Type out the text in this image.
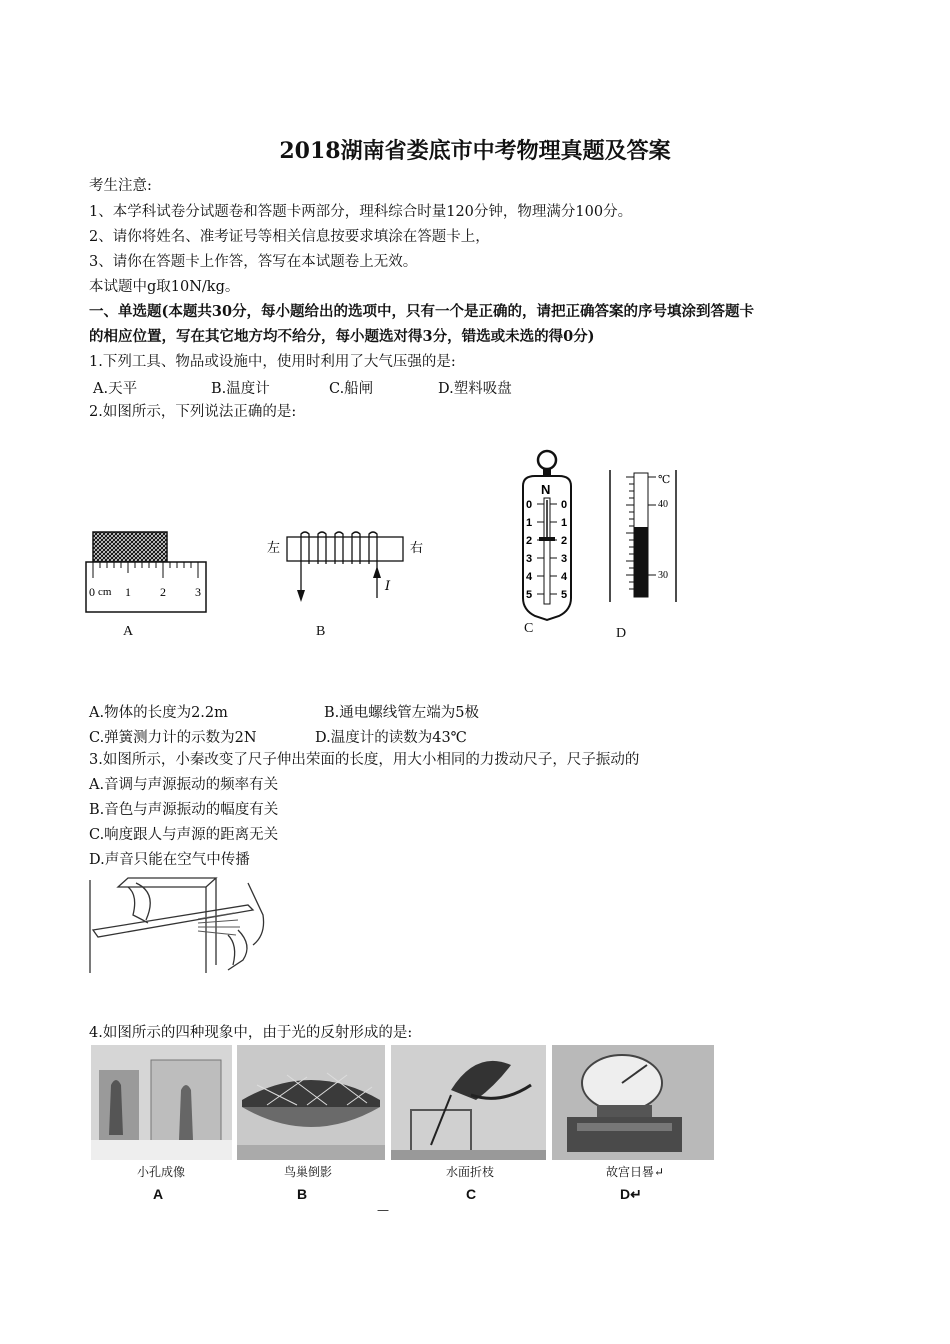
2018湖南省娄底市中考物理真题及答案
考生注意:
1、本学科试卷分试题卷和答题卡两部分，理科综合时量120分钟，物理满分100分。
2、请你将姓名、准考证号等相关信息按要求填涂在答题卡上，
3、请你在答题卡上作答，答写在本试题卷上无效。
本试题中g取10N/kg。
一、单选题(本题共30分，每小题给出的选项中，只有一个是正确的，请把正确答案的序号填涂到答题卡
的相应位置，写在其它地方均不给分，每小题选对得3分，错选或未选的得0分)
1.下列工具、物品或设施中，使用时利用了大气压强的是:
A.天平	B.温度计	C.船闸	D.塑料吸盘
2.如图所示，下列说法正确的是:
0 cm 1 2 3
A
左	右
I
B
N
0	0
1	1
2	2
3	3
4	4
5	5
C
℃
40
30
D
A.物体的长度为2.2m	B.通电螺线管左端为5极
C.弹簧测力计的示数为2N	D.温度计的读数为43℃
3.如图所示，小秦改变了尺子伸出荣面的长度，用大小相同的力拨动尺子，尺子振动的
A.音调与声源振动的频率有关
B.音色与声源振动的幅度有关
C.响度跟人与声源的距离无关
D.声音只能在空气中传播
4.如图所示的四种现象中，由于光的反射形成的是:
小孔成像	鸟巢倒影	水面折枝	故宫日晷↵
A	B	C	D↵
—
